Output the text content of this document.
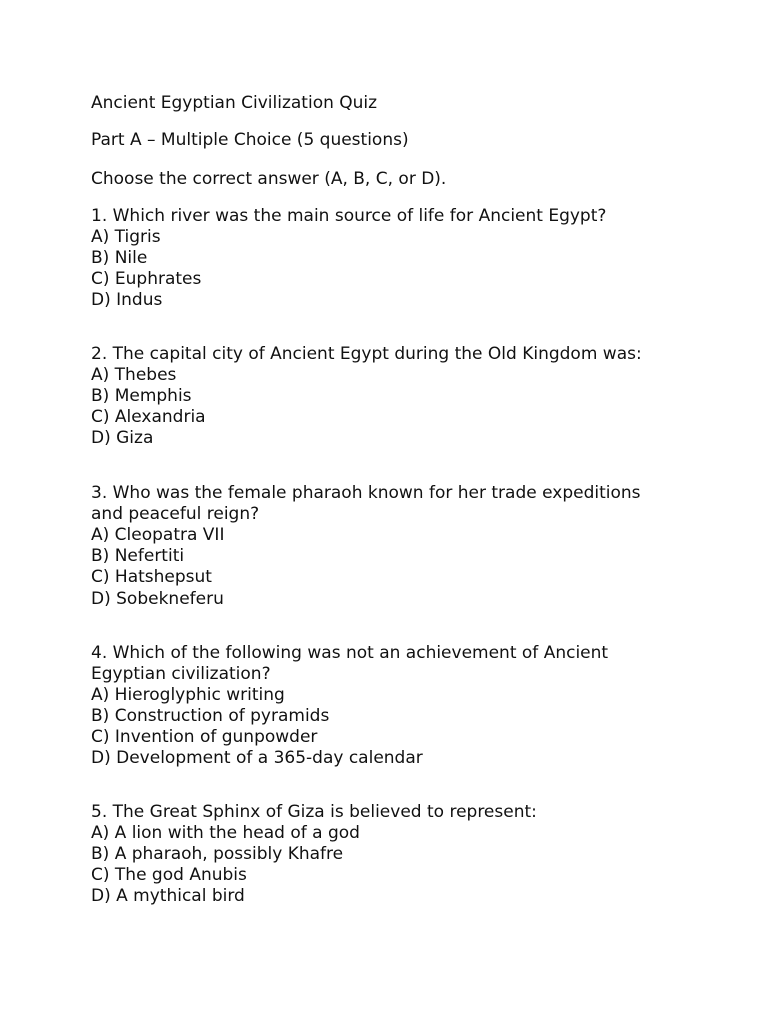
Ancient Egyptian Civilization Quiz
Part A – Multiple Choice (5 questions)
Choose the correct answer (A, B, C, or D).
1. Which river was the main source of life for Ancient Egypt?
A) Tigris
B) Nile
C) Euphrates
D) Indus
2. The capital city of Ancient Egypt during the Old Kingdom was:
A) Thebes
B) Memphis
C) Alexandria
D) Giza
3. Who was the female pharaoh known for her trade expeditions
and peaceful reign?
A) Cleopatra VII
B) Nefertiti
C) Hatshepsut
D) Sobekneferu
4. Which of the following was not an achievement of Ancient
Egyptian civilization?
A) Hieroglyphic writing
B) Construction of pyramids
C) Invention of gunpowder
D) Development of a 365-day calendar
5. The Great Sphinx of Giza is believed to represent:
A) A lion with the head of a god
B) A pharaoh, possibly Khafre
C) The god Anubis
D) A mythical bird
